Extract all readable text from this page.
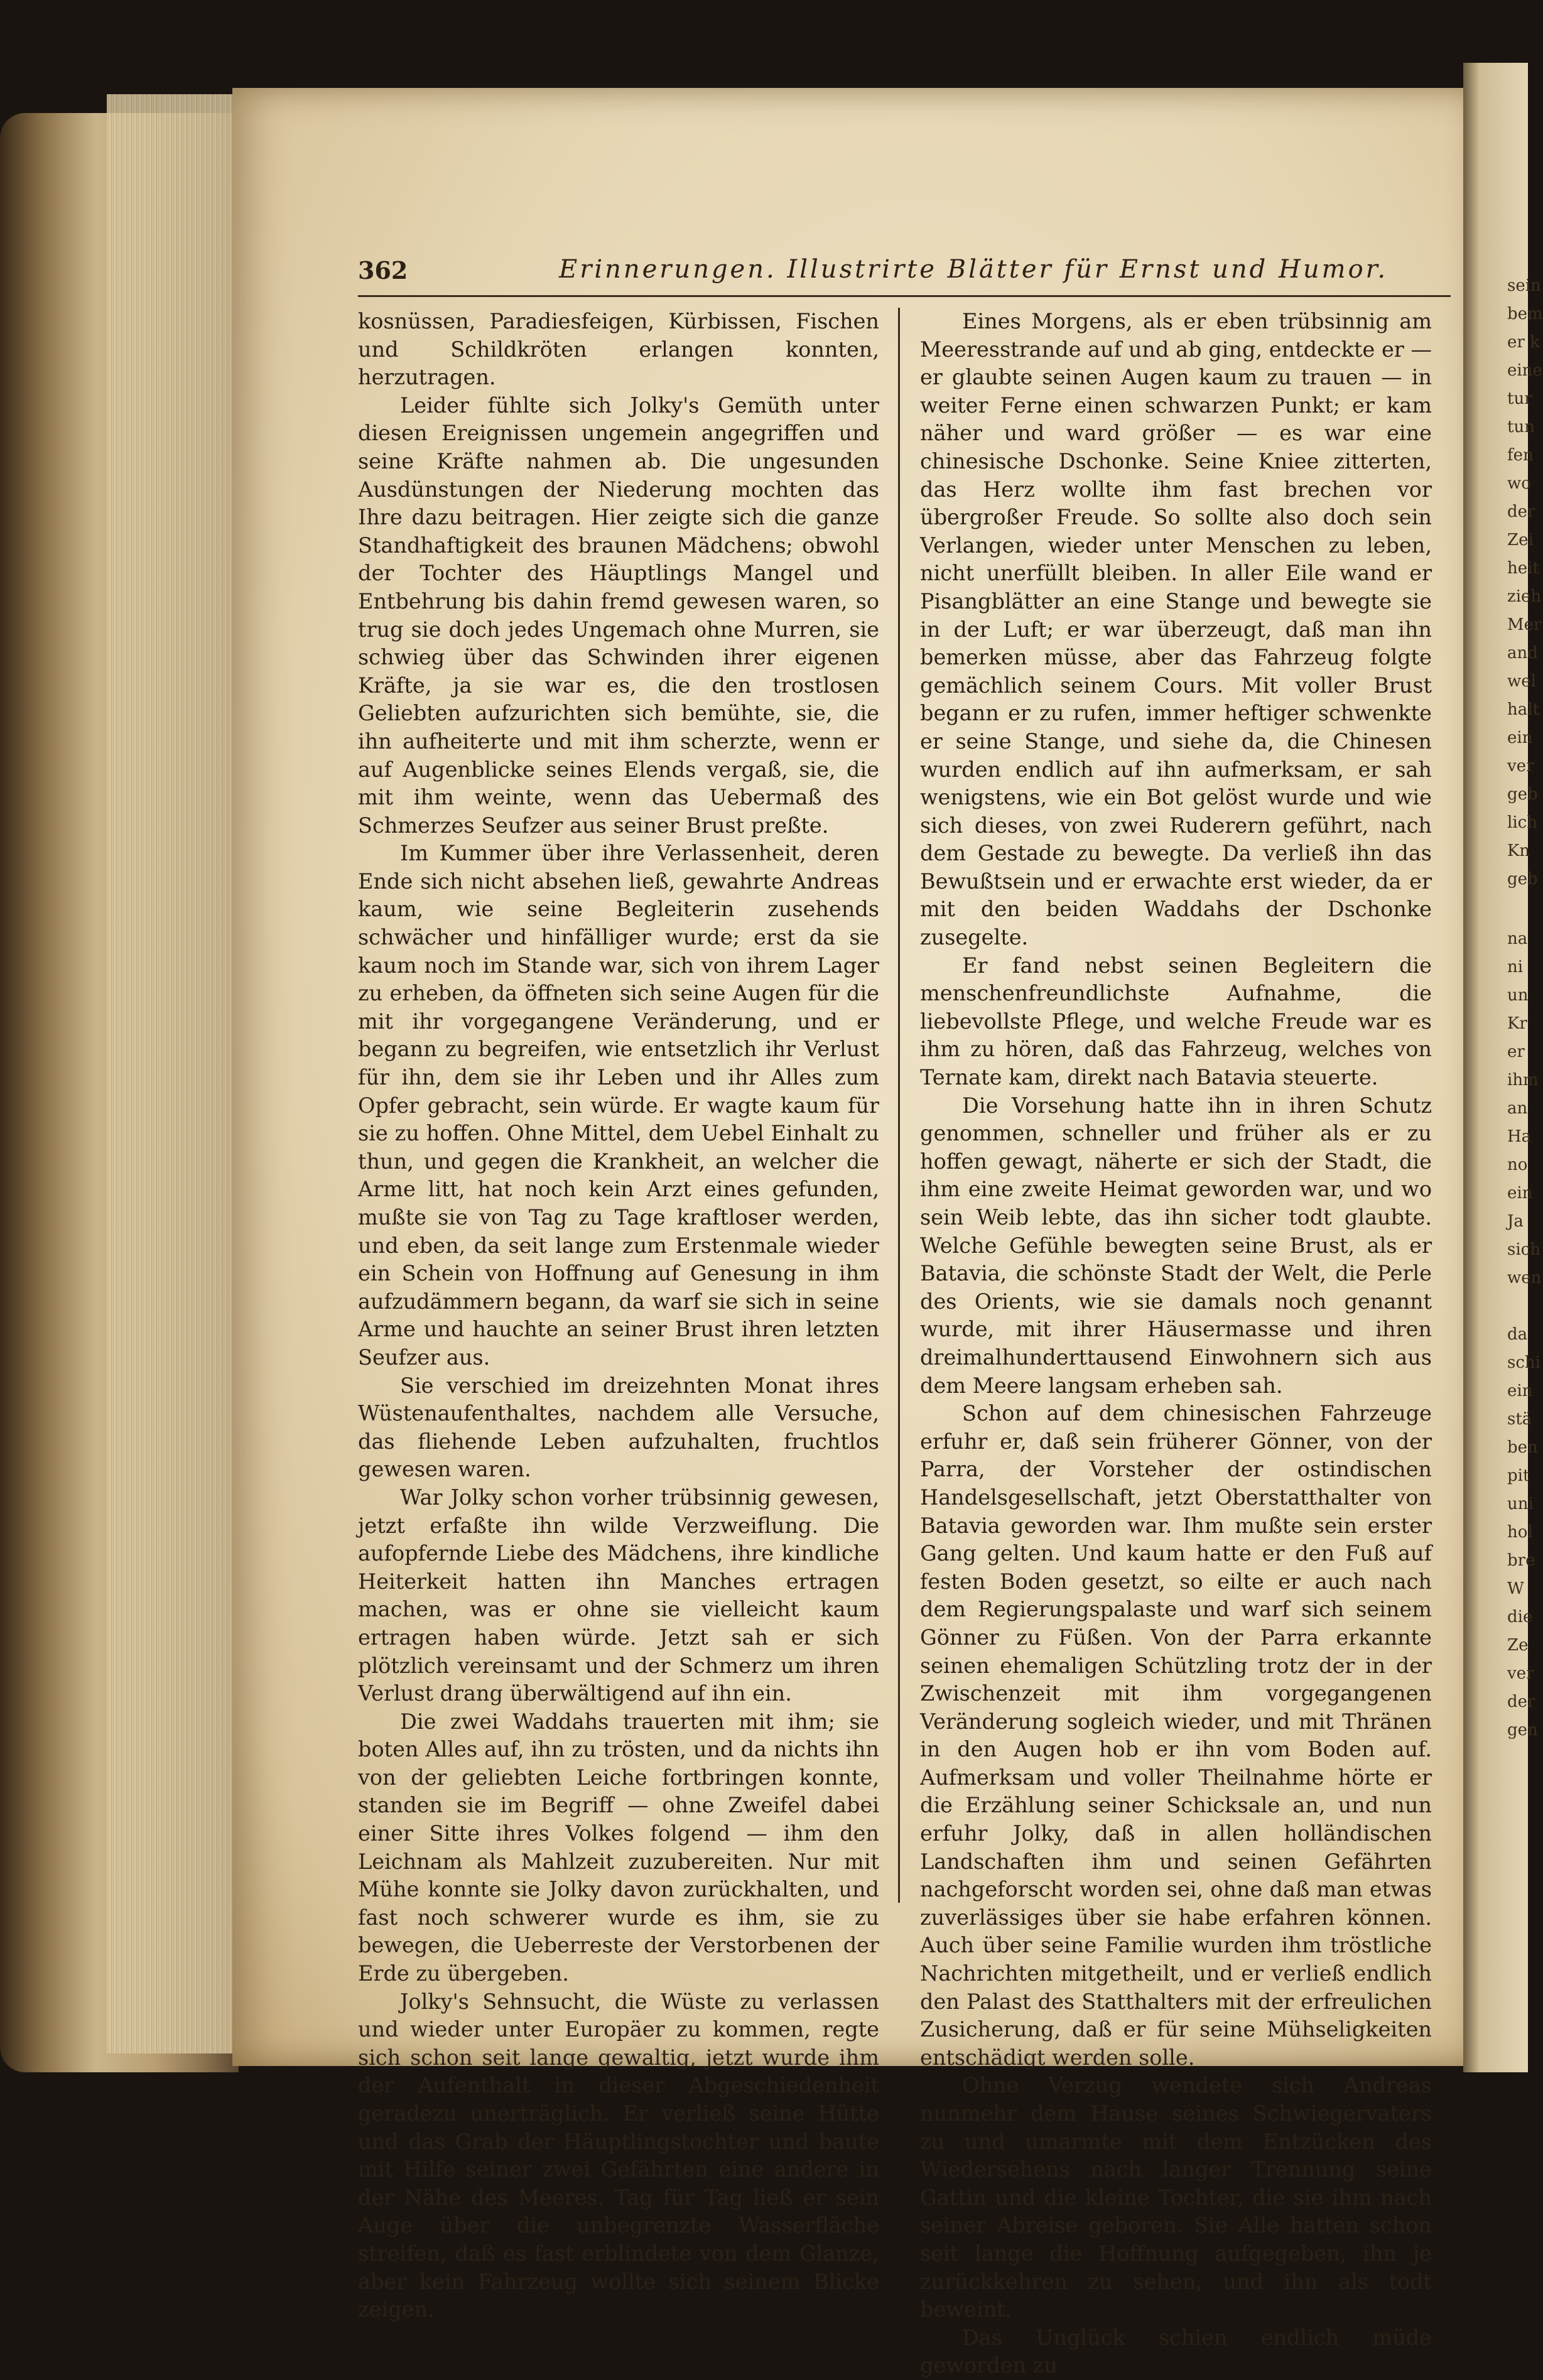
362	Erinnerungen. Illustrirte Blätter für Ernst und Humor.

kosnüssen, Paradiesfeigen, Kürbissen, Fischen und Schildkröten erlangen konnten, herzutragen.

Leider fühlte sich Jolky's Gemüth unter diesen Ereignissen ungemein angegriffen und seine Kräfte nahmen ab. Die ungesunden Ausdünstungen der Niederung mochten das Ihre dazu beitragen. Hier zeigte sich die ganze Standhaftigkeit des braunen Mädchens; obwohl der Tochter des Häuptlings Mangel und Entbehrung bis dahin fremd gewesen waren, so trug sie doch jedes Ungemach ohne Murren, sie schwieg über das Schwinden ihrer eigenen Kräfte, ja sie war es, die den trostlosen Geliebten aufzurichten sich bemühte, sie, die ihn aufheiterte und mit ihm scherzte, wenn er auf Augenblicke seines Elends vergaß, sie, die mit ihm weinte, wenn das Uebermaß des Schmerzes Seufzer aus seiner Brust preßte.

Im Kummer über ihre Verlassenheit, deren Ende sich nicht absehen ließ, gewahrte Andreas kaum, wie seine Begleiterin zusehends schwächer und hinfälliger wurde; erst da sie kaum noch im Stande war, sich von ihrem Lager zu erheben, da öffneten sich seine Augen für die mit ihr vorgegangene Veränderung, und er begann zu begreifen, wie entsetzlich ihr Verlust für ihn, dem sie ihr Leben und ihr Alles zum Opfer gebracht, sein würde. Er wagte kaum für sie zu hoffen. Ohne Mittel, dem Uebel Einhalt zu thun, und gegen die Krankheit, an welcher die Arme litt, hat noch kein Arzt eines gefunden, mußte sie von Tag zu Tage kraftloser werden, und eben, da seit lange zum Erstenmale wieder ein Schein von Hoffnung auf Genesung in ihm aufzudämmern begann, da warf sie sich in seine Arme und hauchte an seiner Brust ihren letzten Seufzer aus.

Sie verschied im dreizehnten Monat ihres Wüstenaufenthaltes, nachdem alle Versuche, das fliehende Leben aufzuhalten, fruchtlos gewesen waren.

War Jolky schon vorher trübsinnig gewesen, jetzt erfaßte ihn wilde Verzweiflung. Die aufopfernde Liebe des Mädchens, ihre kindliche Heiterkeit hatten ihn Manches ertragen machen, was er ohne sie vielleicht kaum ertragen haben würde. Jetzt sah er sich plötzlich vereinsamt und der Schmerz um ihren Verlust drang überwältigend auf ihn ein.

Die zwei Waddahs trauerten mit ihm; sie boten Alles auf, ihn zu trösten, und da nichts ihn von der geliebten Leiche fortbringen konnte, standen sie im Begriff — ohne Zweifel dabei einer Sitte ihres Volkes folgend — ihm den Leichnam als Mahlzeit zuzubereiten. Nur mit Mühe konnte sie Jolky davon zurückhalten, und fast noch schwerer wurde es ihm, sie zu bewegen, die Ueberreste der Verstorbenen der Erde zu übergeben.

Jolky's Sehnsucht, die Wüste zu verlassen und wieder unter Europäer zu kommen, regte sich schon seit lange gewaltig, jetzt wurde ihm der Aufenthalt in dieser Abgeschiedenheit geradezu unerträglich. Er verließ seine Hütte und das Grab der Häuptlingstochter und baute mit Hilfe seiner zwei Gefährten eine andere in der Nähe des Meeres. Tag für Tag ließ er sein Auge über die unbegrenzte Wasserfläche streifen, daß es fast erblindete von dem Glanze, aber kein Fahrzeug wollte sich seinem Blicke zeigen.

Eines Morgens, als er eben trübsinnig am Meeresstrande auf und ab ging, entdeckte er — er glaubte seinen Augen kaum zu trauen — in weiter Ferne einen schwarzen Punkt; er kam näher und ward größer — es war eine chinesische Dschonke. Seine Kniee zitterten, das Herz wollte ihm fast brechen vor übergroßer Freude. So sollte also doch sein Verlangen, wieder unter Menschen zu leben, nicht unerfüllt bleiben. In aller Eile wand er Pisangblätter an eine Stange und bewegte sie in der Luft; er war überzeugt, daß man ihn bemerken müsse, aber das Fahrzeug folgte gemächlich seinem Cours. Mit voller Brust begann er zu rufen, immer heftiger schwenkte er seine Stange, und siehe da, die Chinesen wurden endlich auf ihn aufmerksam, er sah wenigstens, wie ein Bot gelöst wurde und wie sich dieses, von zwei Ruderern geführt, nach dem Gestade zu bewegte. Da verließ ihn das Bewußtsein und er erwachte erst wieder, da er mit den beiden Waddahs der Dschonke zusegelte.

Er fand nebst seinen Begleitern die menschenfreundlichste Aufnahme, die liebevollste Pflege, und welche Freude war es ihm zu hören, daß das Fahrzeug, welches von Ternate kam, direkt nach Batavia steuerte.

Die Vorsehung hatte ihn in ihren Schutz genommen, schneller und früher als er zu hoffen gewagt, näherte er sich der Stadt, die ihm eine zweite Heimat geworden war, und wo sein Weib lebte, das ihn sicher todt glaubte. Welche Gefühle bewegten seine Brust, als er Batavia, die schönste Stadt der Welt, die Perle des Orients, wie sie damals noch genannt wurde, mit ihrer Häusermasse und ihren dreimalhunderttausend Einwohnern sich aus dem Meere langsam erheben sah.

Schon auf dem chinesischen Fahrzeuge erfuhr er, daß sein früherer Gönner, von der Parra, der Vorsteher der ostindischen Handelsgesellschaft, jetzt Oberstatthalter von Batavia geworden war. Ihm mußte sein erster Gang gelten. Und kaum hatte er den Fuß auf festen Boden gesetzt, so eilte er auch nach dem Regierungspalaste und warf sich seinem Gönner zu Füßen. Von der Parra erkannte seinen ehemaligen Schützling trotz der in der Zwischenzeit mit ihm vorgegangenen Veränderung sogleich wieder, und mit Thränen in den Augen hob er ihn vom Boden auf. Aufmerksam und voller Theilnahme hörte er die Erzählung seiner Schicksale an, und nun erfuhr Jolky, daß in allen holländischen Landschaften ihm und seinen Gefährten nachgeforscht worden sei, ohne daß man etwas zuverlässiges über sie habe erfahren können. Auch über seine Familie wurden ihm tröstliche Nachrichten mitgetheilt, und er verließ endlich den Palast des Statthalters mit der erfreulichen Zusicherung, daß er für seine Mühseligkeiten entschädigt werden solle.

Ohne Verzug wendete sich Andreas nunmehr dem Hause seines Schwiegervaters zu und umarmte mit dem Entzücken des Wiedersehens nach langer Trennung seine Gattin und die kleine Tochter, die sie ihm nach seiner Abreise geboren. Sie Alle hatten schon seit lange die Hoffnung aufgegeben, ihn je zurückkehren zu sehen, und ihn als todt beweint.

Das Unglück schien endlich müde geworden zu

sein
bem
er k
eine
tur
tun
fen
wo
der
Zei
heit
zieh
Mer
and
wel
halt
ein
ver
geb
lich
Kn
geb
na
ni
un
Kr
er
ihm
an
Ha
no
ein
Ja
sich
wen
da
schi
ein
stä
ben
pit
uni
hol
bre
W
die
Ze
ver
der
gen
